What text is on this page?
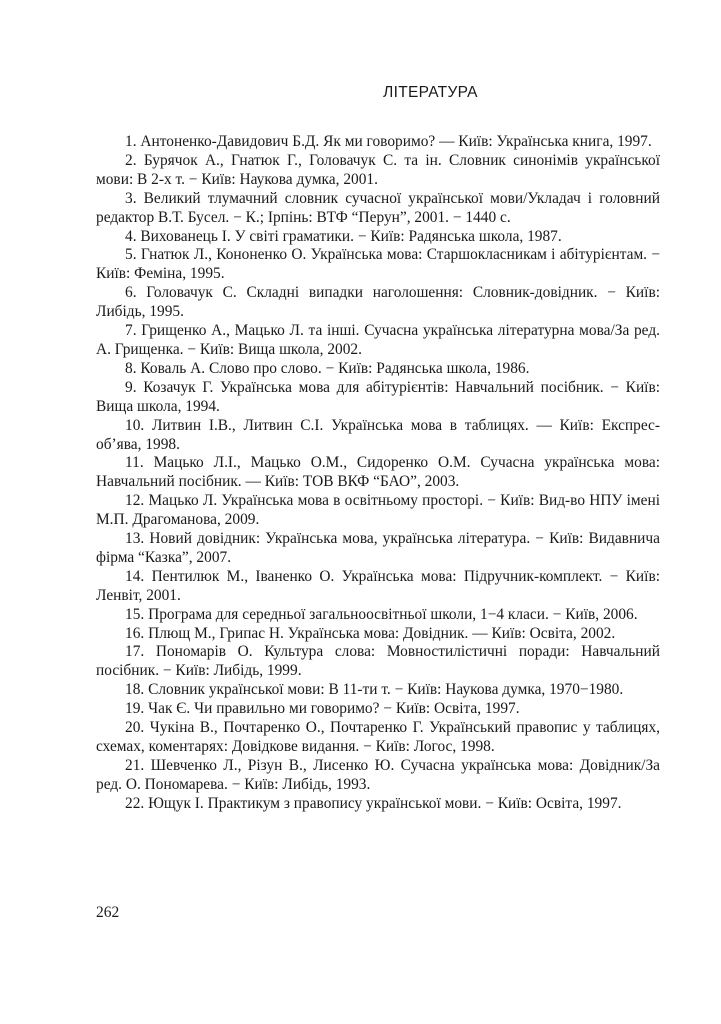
ЛІТЕРАТУРА
1. Антоненко-Давидович Б.Д. Як ми говоримо? — Київ: Українська книга, 1997.
2. Бурячок А., Гнатюк Г., Головачук С. та ін. Словник синонімів української мови: В 2-х т. − Київ: Наукова думка, 2001.
3. Великий тлумачний словник сучасної української мови/Укладач і головний редактор В.Т. Бусел. − К.; Ірпінь: ВТФ “Перун”, 2001. − 1440 с.
4. Вихованець І. У світі граматики. − Київ: Радянська школа, 1987.
5. Гнатюк Л., Кононенко О. Українська мова: Старшокласникам і абітурієнтам. − Київ: Феміна, 1995.
6. Головачук С. Складні випадки наголошення: Словник-довідник. − Київ: Либідь, 1995.
7. Грищенко А., Мацько Л. та інші. Сучасна українська літературна мова/За ред. А. Грищенка. − Київ: Вища школа, 2002.
8. Коваль А. Слово про слово. − Київ: Радянська школа, 1986.
9. Козачук Г. Українська мова для абітурієнтів: Навчальний посібник. − Київ: Вища школа, 1994.
10. Литвин І.В., Литвин С.І. Українська мова в таблицях. — Київ: Експрес-об’ява, 1998.
11. Мацько Л.І., Мацько О.М., Сидоренко О.М. Сучасна українська мова: Навчальний посібник. — Київ: ТОВ ВКФ “БАО”, 2003.
12. Мацько Л. Українська мова в освітньому просторі. − Київ: Вид-во НПУ імені М.П. Драгоманова, 2009.
13. Новий довідник: Українська мова, українська література. − Київ: Видавнича фірма “Казка”, 2007.
14. Пентилюк М., Іваненко О. Українська мова: Підручник-комплект. − Київ: Ленвіт, 2001.
15. Програма для середньої загальноосвітньої школи, 1−4 класи. − Київ, 2006.
16. Плющ М., Грипас Н. Українська мова: Довідник. — Київ: Освіта, 2002.
17. Пономарів О. Культура слова: Мовностилістичні поради: Навчальний посібник. − Київ: Либідь, 1999.
18. Словник української мови: В 11-ти т. − Київ: Наукова думка, 1970−1980.
19. Чак Є. Чи правильно ми говоримо? − Київ: Освіта, 1997.
20. Чукіна В., Почтаренко О., Почтаренко Г. Український правопис у таблицях, схемах, коментарях: Довідкове видання. − Київ: Логос, 1998.
21. Шевченко Л., Різун В., Лисенко Ю. Сучасна українська мова: Довідник/За ред. О. Пономарева. − Київ: Либідь, 1993.
22. Ющук І. Практикум з правопису української мови. − Київ: Освіта, 1997.
262
